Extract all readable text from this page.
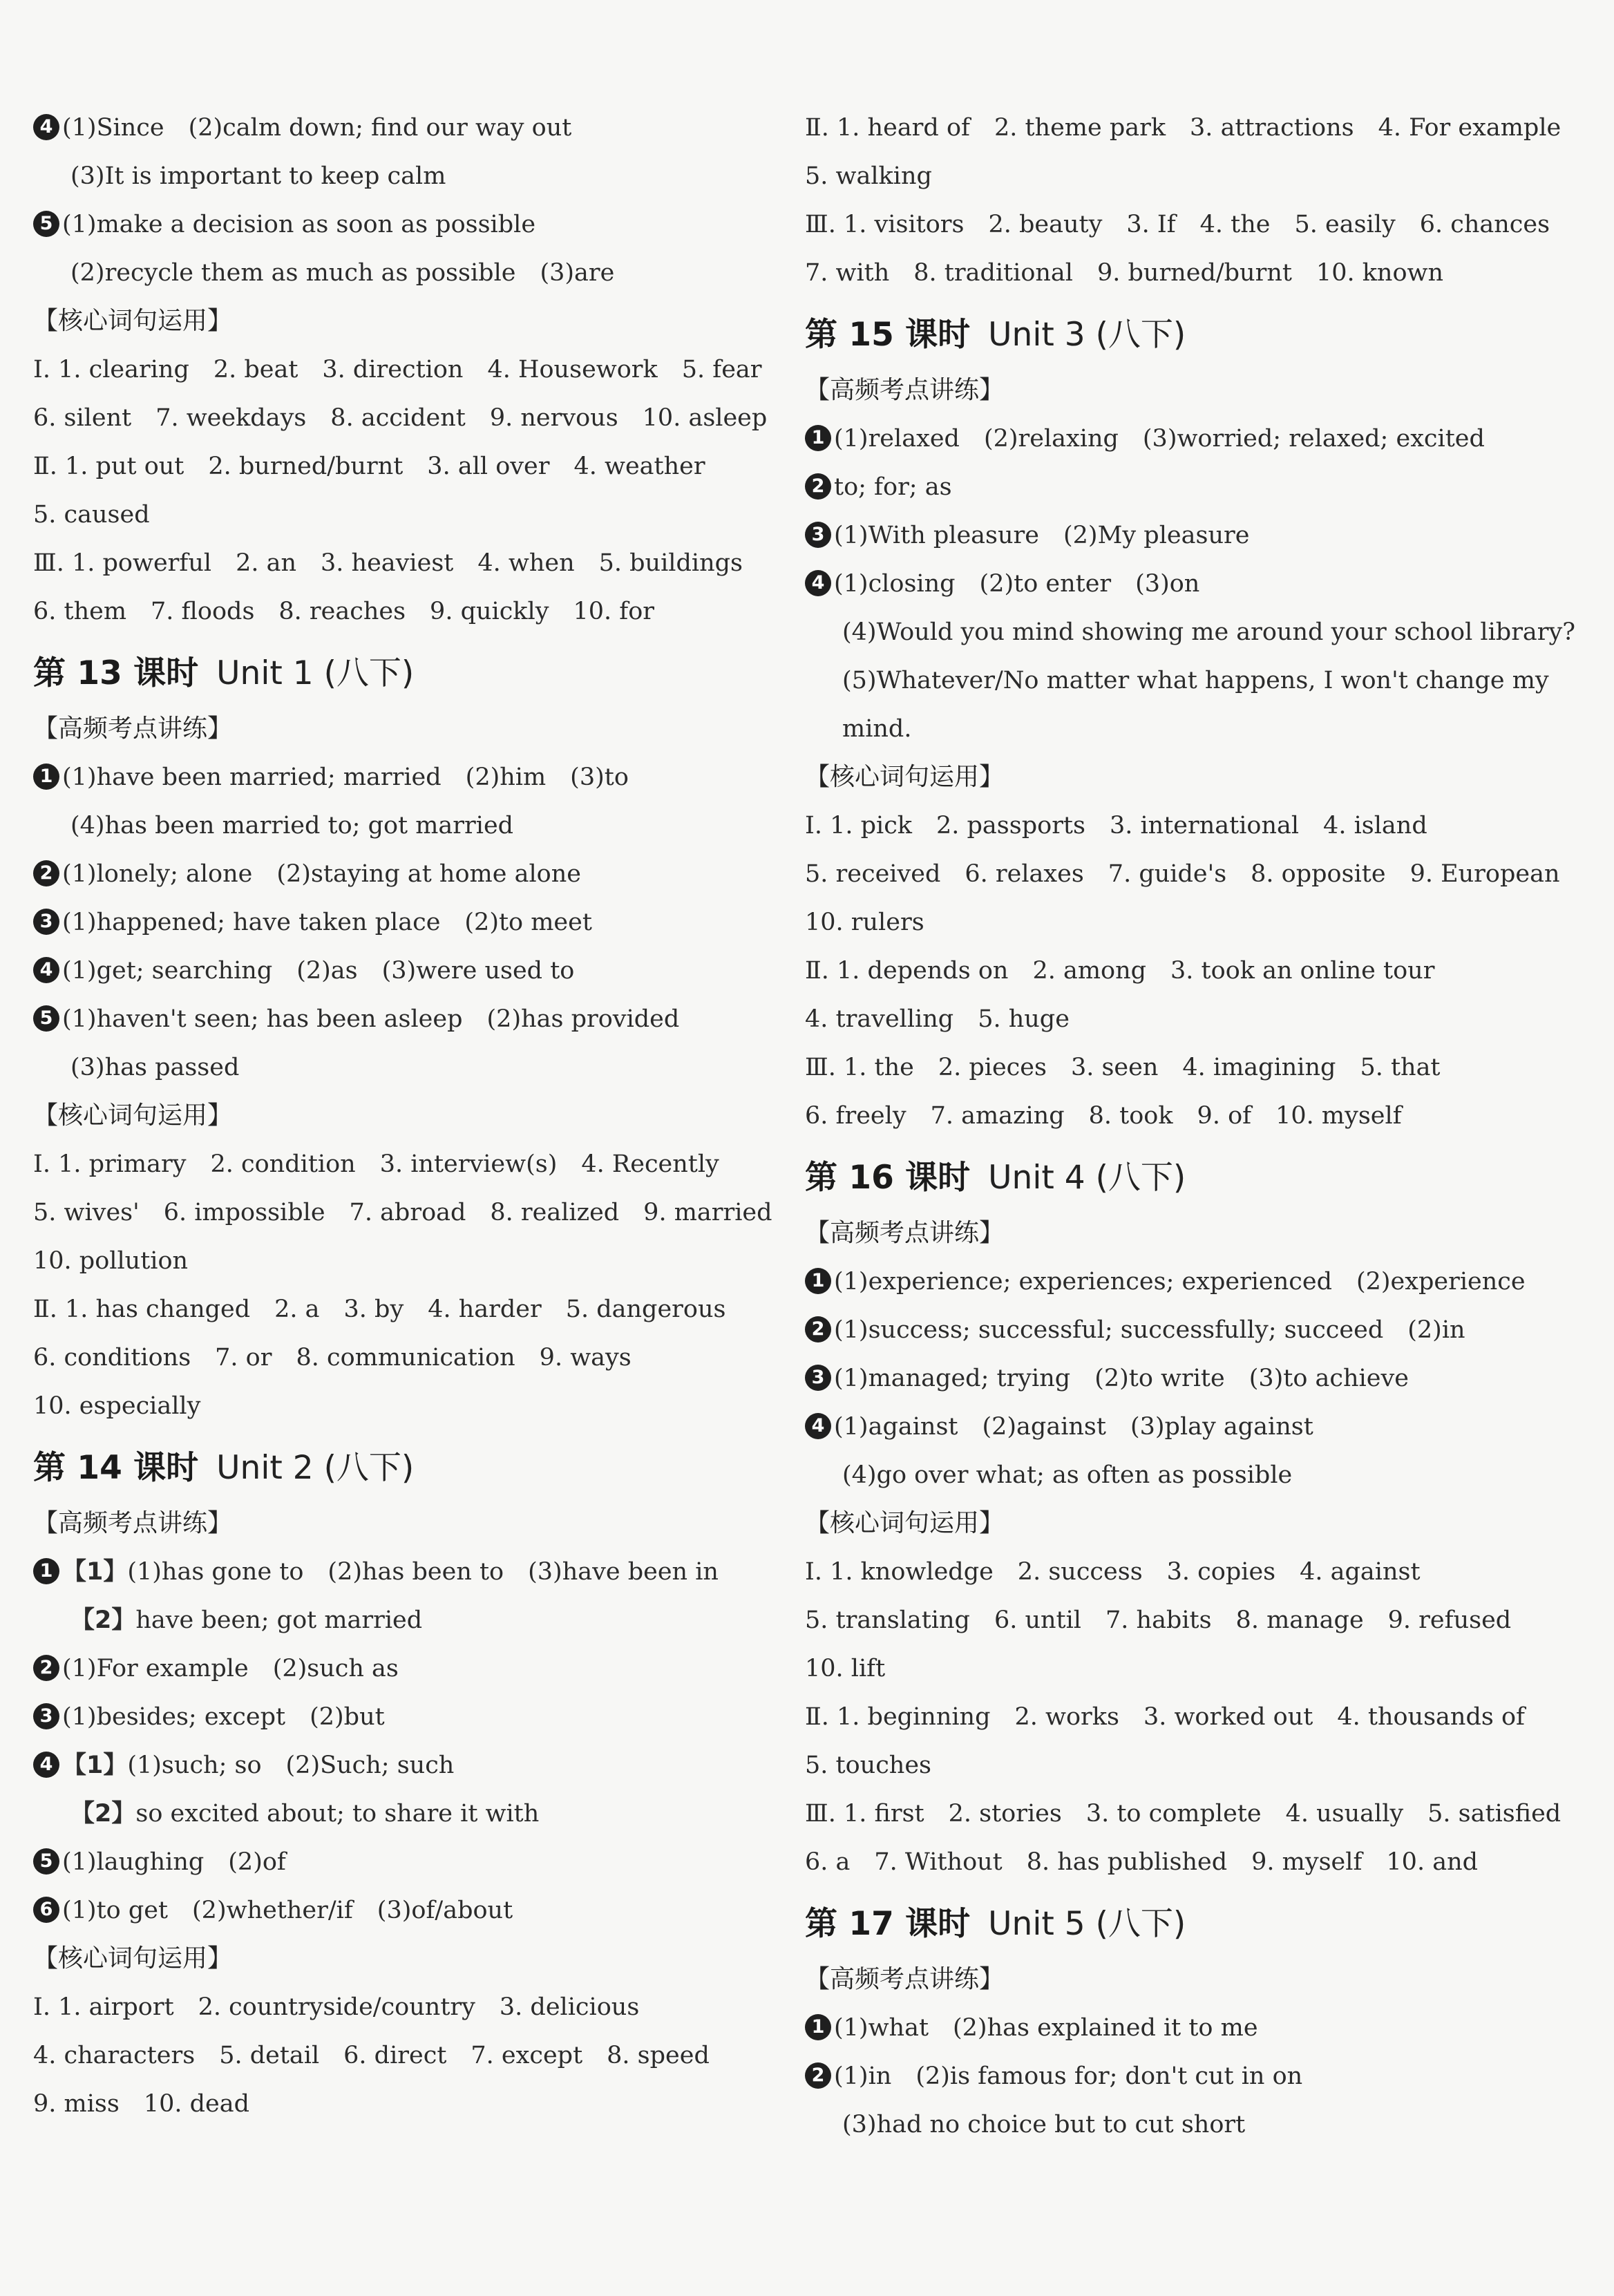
4 (1)Since　(2)calm down; find our way out
(3)It is important to keep calm
5 (1)make a decision as soon as possible
(2)recycle them as much as possible　(3)are
【核心词句运用】
Ⅰ. 1. clearing　2. beat　3. direction　4. Housework　5. fear
6. silent　7. weekdays　8. accident　9. nervous　10. asleep
Ⅱ. 1. put out　2. burned/burnt　3. all over　4. weather
5. caused
Ⅲ. 1. powerful　2. an　3. heaviest　4. when　5. buildings
6. them　7. floods　8. reaches　9. quickly　10. for
第 13 课时 Unit 1 (八下)
【高频考点讲练】
1 (1)have been married; married　(2)him　(3)to
(4)has been married to; got married
2 (1)lonely; alone　(2)staying at home alone
3 (1)happened; have taken place　(2)to meet
4 (1)get; searching　(2)as　(3)were used to
5 (1)haven't seen; has been asleep　(2)has provided
(3)has passed
【核心词句运用】
Ⅰ. 1. primary　2. condition　3. interview(s)　4. Recently
5. wives'　6. impossible　7. abroad　8. realized　9. married
10. pollution
Ⅱ. 1. has changed　2. a　3. by　4. harder　5. dangerous
6. conditions　7. or　8. communication　9. ways
10. especially
第 14 课时 Unit 2 (八下)
【高频考点讲练】
1 【1】(1)has gone to　(2)has been to　(3)have been in
【2】have been; got married
2 (1)For example　(2)such as
3 (1)besides; except　(2)but
4 【1】(1)such; so　(2)Such; such
【2】so excited about; to share it with
5 (1)laughing　(2)of
6 (1)to get　(2)whether/if　(3)of/about
【核心词句运用】
Ⅰ. 1. airport　2. countryside/country　3. delicious
4. characters　5. detail　6. direct　7. except　8. speed
9. miss　10. dead
Ⅱ. 1. heard of　2. theme park　3. attractions　4. For example
5. walking
Ⅲ. 1. visitors　2. beauty　3. If　4. the　5. easily　6. chances
7. with　8. traditional　9. burned/burnt　10. known
第 15 课时 Unit 3 (八下)
【高频考点讲练】
1 (1)relaxed　(2)relaxing　(3)worried; relaxed; excited
2 to; for; as
3 (1)With pleasure　(2)My pleasure
4 (1)closing　(2)to enter　(3)on
(4)Would you mind showing me around your school library?
(5)Whatever/No matter what happens, I won't change my
mind.
【核心词句运用】
Ⅰ. 1. pick　2. passports　3. international　4. island
5. received　6. relaxes　7. guide's　8. opposite　9. European
10. rulers
Ⅱ. 1. depends on　2. among　3. took an online tour
4. travelling　5. huge
Ⅲ. 1. the　2. pieces　3. seen　4. imagining　5. that
6. freely　7. amazing　8. took　9. of　10. myself
第 16 课时 Unit 4 (八下)
【高频考点讲练】
1 (1)experience; experiences; experienced　(2)experience
2 (1)success; successful; successfully; succeed　(2)in
3 (1)managed; trying　(2)to write　(3)to achieve
4 (1)against　(2)against　(3)play against
(4)go over what; as often as possible
【核心词句运用】
Ⅰ. 1. knowledge　2. success　3. copies　4. against
5. translating　6. until　7. habits　8. manage　9. refused
10. lift
Ⅱ. 1. beginning　2. works　3. worked out　4. thousands of
5. touches
Ⅲ. 1. first　2. stories　3. to complete　4. usually　5. satisfied
6. a　7. Without　8. has published　9. myself　10. and
第 17 课时 Unit 5 (八下)
【高频考点讲练】
1 (1)what　(2)has explained it to me
2 (1)in　(2)is famous for; don't cut in on
(3)had no choice but to cut short
